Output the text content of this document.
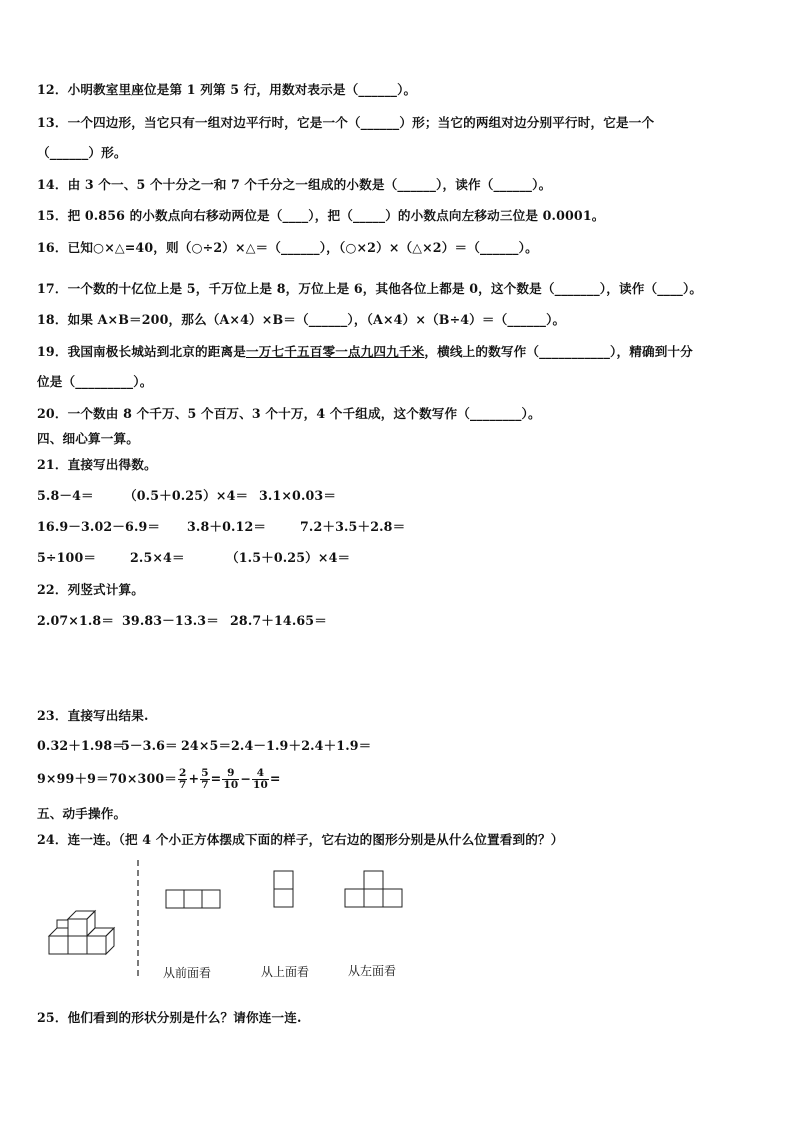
12．小明教室里座位是第 1 列第 5 行，用数对表示是（______）。

13．一个四边形，当它只有一组对边平行时，它是一个（______）形；当它的两组对边分别平行时，它是一个

（______）形。

14．由 3 个一、5 个十分之一和 7 个千分之一组成的小数是（______），读作（______）。

15．把 0.856 的小数点向右移动两位是（____），把（_____）的小数点向左移动三位是 0.0001。

16．已知○×△=40，则（○÷2）×△＝（______），（○×2）×（△×2）＝（______）。

17．一个数的十亿位上是 5，千万位上是 8，万位上是 6，其他各位上都是 0，这个数是（_______），读作（____）。

18．如果 A×B＝200，那么（A×4）×B＝（______），（A×4）×（B÷4）＝（______）。

19．我国南极长城站到北京的距离是一万七千五百零一点九四九千米，横线上的数写作（___________），精确到十分

位是（_________）。

20．一个数由 8 个千万、5 个百万、3 个十万，4 个千组成，这个数写作（________）。

四、细心算一算。

21．直接写出得数。

5.8－4＝ （0.5＋0.25）×4＝ 3.1×0.03＝

16.9－3.02－6.9＝ 3.8＋0.12＝	7.2＋3.5＋2.8＝

5÷100＝	2.5×4＝	（1.5＋0.25）×4＝

22．列竖式计算。

2.07×1.8＝ 39.83－13.3＝ 28.7＋14.65＝

23．直接写出结果.

0.32＋1.98＝5－3.6＝ 24×5＝2.4－1.9＋2.4＋1.9＝

$9\times 99+9=70\times 300= \frac{2}{7} + \frac{5}{7} = \frac{9}{10} - \frac{4}{10}$ =

五、动手操作。

24．连一连。（把 4 个小正方体摆成下面的样子，它右边的图形分别是从什么位置看到的？）

从前面看	从上面看	从左面看

25．他们看到的形状分别是什么？请你连一连.
